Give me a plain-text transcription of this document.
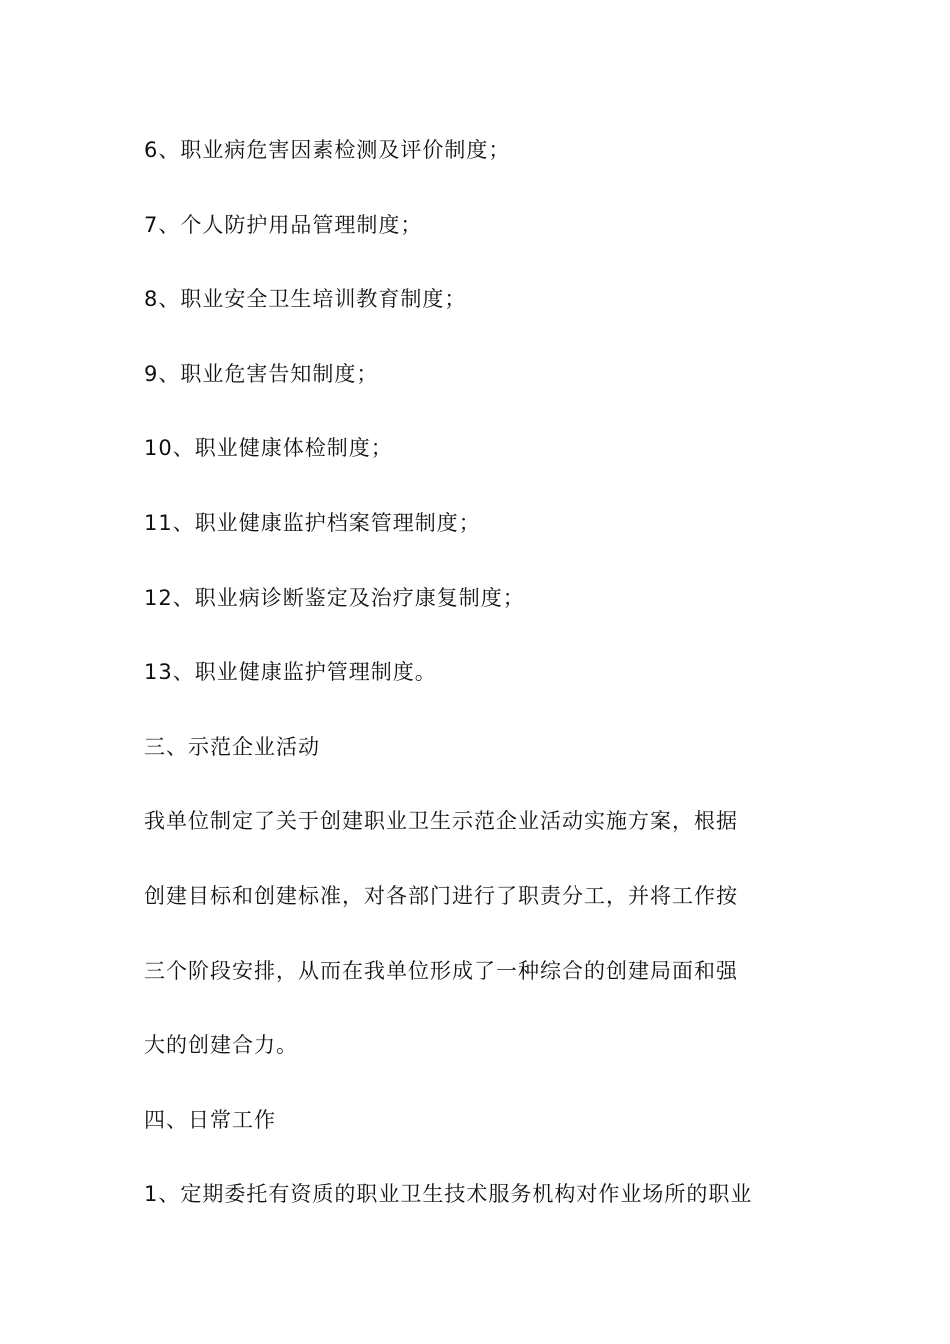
6、职业病危害因素检测及评价制度；
7、个人防护用品管理制度；
8、职业安全卫生培训教育制度；
9、职业危害告知制度；
10、职业健康体检制度；
11、职业健康监护档案管理制度；
12、职业病诊断鉴定及治疗康复制度；
13、职业健康监护管理制度。
三、示范企业活动
我单位制定了关于创建职业卫生示范企业活动实施方案，根据
创建目标和创建标准，对各部门进行了职责分工，并将工作按
三个阶段安排，从而在我单位形成了一种综合的创建局面和强
大的创建合力。
四、日常工作
1、定期委托有资质的职业卫生技术服务机构对作业场所的职业
